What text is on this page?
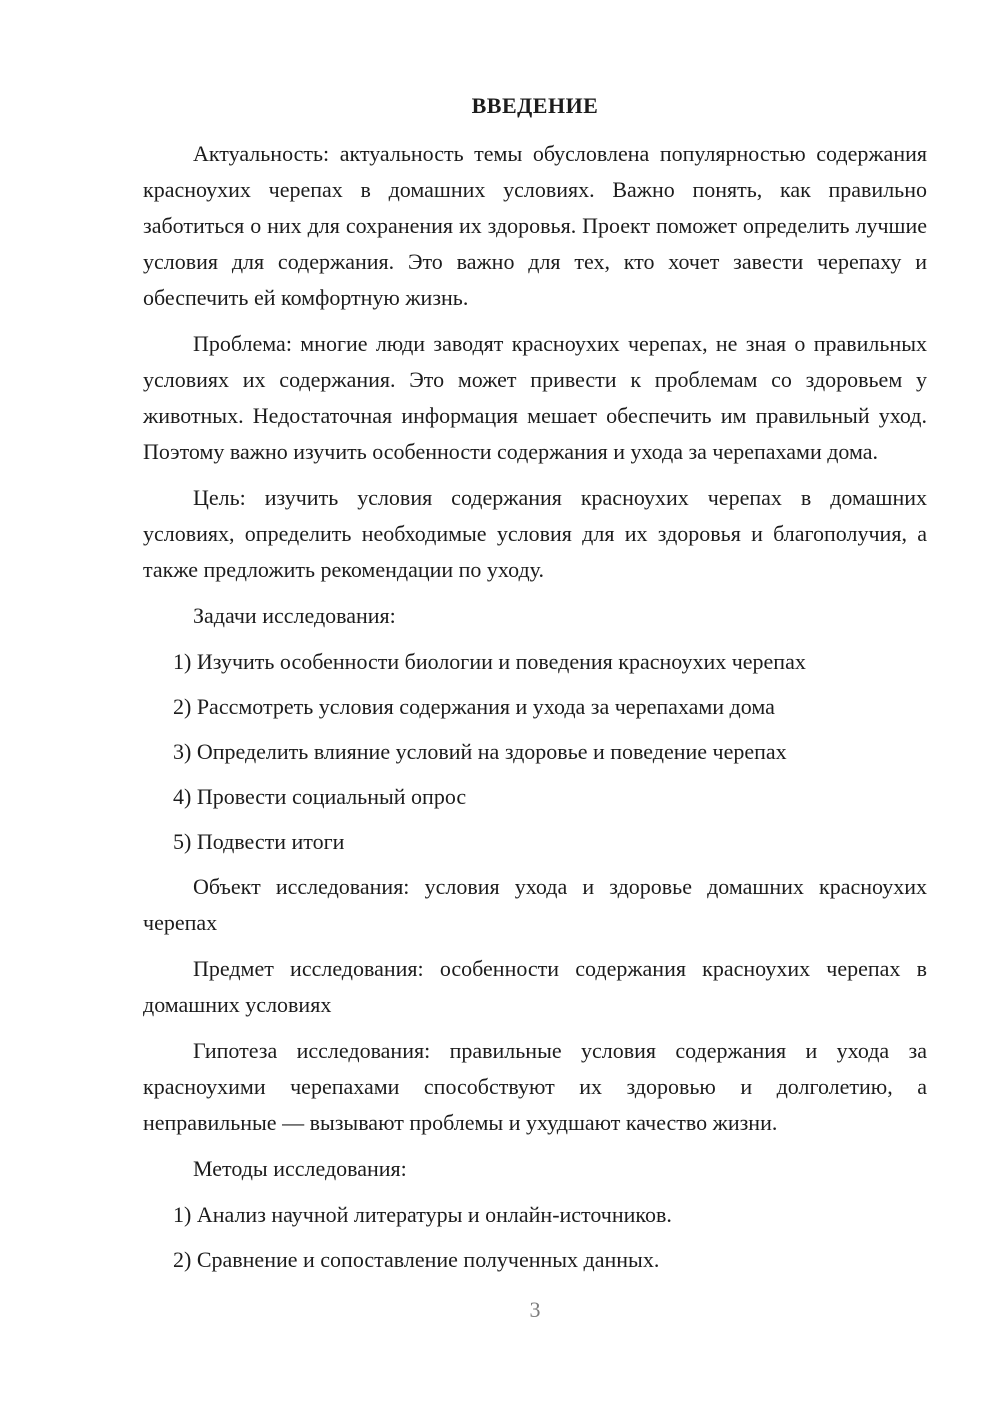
ВВЕДЕНИЕ

Актуальность: актуальность темы обусловлена популярностью содержания красноухих черепах в домашних условиях. Важно понять, как правильно заботиться о них для сохранения их здоровья. Проект поможет определить лучшие условия для содержания. Это важно для тех, кто хочет завести черепаху и обеспечить ей комфортную жизнь.

Проблема: многие люди заводят красноухих черепах, не зная о правильных условиях их содержания. Это может привести к проблемам со здоровьем у животных. Недостаточная информация мешает обеспечить им правильный уход. Поэтому важно изучить особенности содержания и ухода за черепахами дома.

Цель: изучить условия содержания красноухих черепах в домашних условиях, определить необходимые условия для их здоровья и благополучия, а также предложить рекомендации по уходу.

Задачи исследования:

1) Изучить особенности биологии и поведения красноухих черепах
2) Рассмотреть условия содержания и ухода за черепахами дома
3) Определить влияние условий на здоровье и поведение черепах
4) Провести социальный опрос
5) Подвести итоги

Объект исследования: условия ухода и здоровье домашних красноухих черепах

Предмет исследования: особенности содержания красноухих черепах в домашних условиях

Гипотеза исследования: правильные условия содержания и ухода за красноухими черепахами способствуют их здоровью и долголетию, а неправильные — вызывают проблемы и ухудшают качество жизни.

Методы исследования:

1) Анализ научной литературы и онлайн-источников.
2) Сравнение и сопоставление полученных данных.
3
